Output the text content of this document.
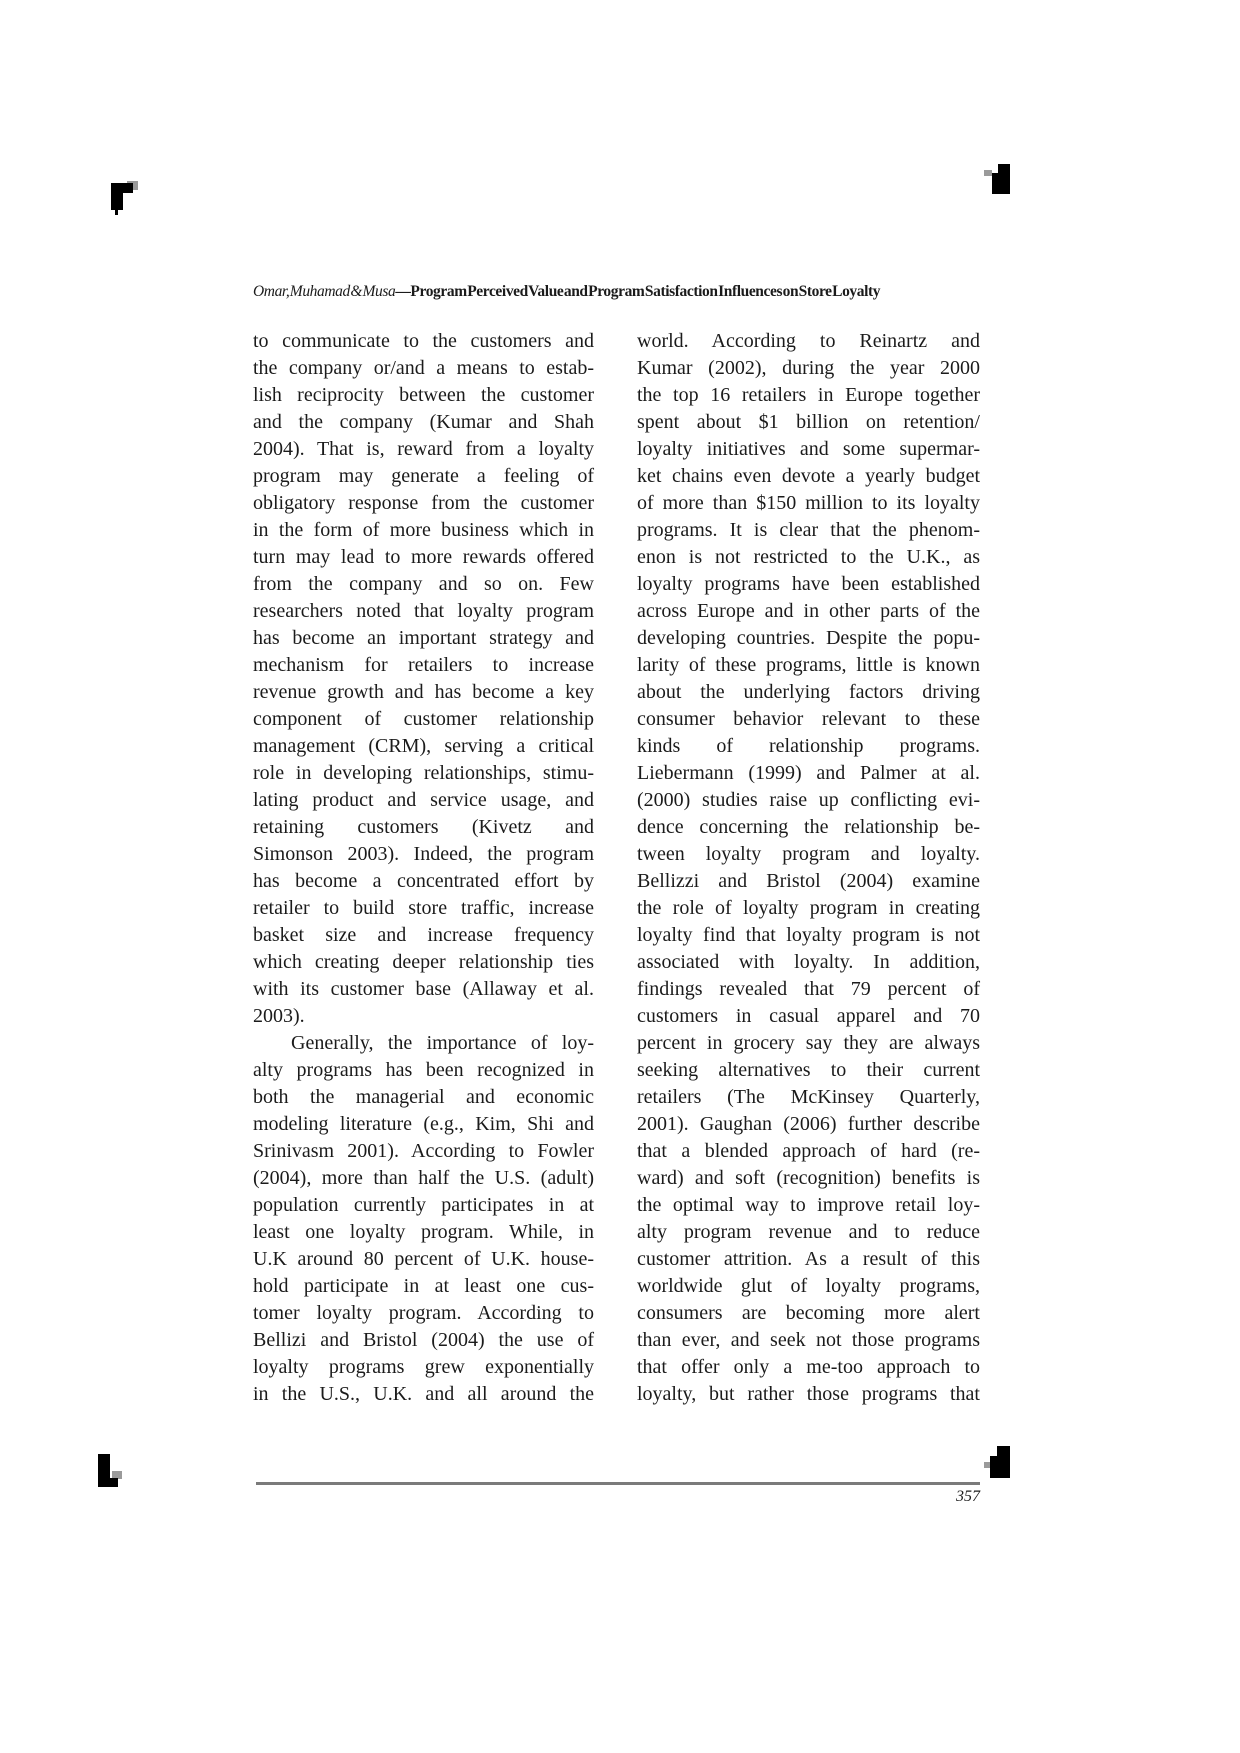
Omar, Muhamad & Musa—Program Perceived Value and Program Satisfaction Influences on Store Loyalty
to communicate to the customers and
the company or/and a means to estab-
lish reciprocity between the customer
and the company (Kumar and Shah
2004). That is, reward from a loyalty
program may generate a feeling of
obligatory response from the customer
in the form of more business which in
turn may lead to more rewards offered
from the company and so on. Few
researchers noted that loyalty program
has become an important strategy and
mechanism for retailers to increase
revenue growth and has become a key
component of customer relationship
management (CRM), serving a critical
role in developing relationships, stimu-
lating product and service usage, and
retaining customers (Kivetz and
Simonson 2003). Indeed, the program
has become a concentrated effort by
retailer to build store traffic, increase
basket size and increase frequency
which creating deeper relationship ties
with its customer base (Allaway et al.
2003).
Generally, the importance of loy-
alty programs has been recognized in
both the managerial and economic
modeling literature (e.g., Kim, Shi and
Srinivasm 2001). According to Fowler
(2004), more than half the U.S. (adult)
population currently participates in at
least one loyalty program. While, in
U.K around 80 percent of U.K. house-
hold participate in at least one cus-
tomer loyalty program. According to
Bellizi and Bristol (2004) the use of
loyalty programs grew exponentially
in the U.S., U.K. and all around the
world. According to Reinartz and
Kumar (2002), during the year 2000
the top 16 retailers in Europe together
spent about $1 billion on retention/
loyalty initiatives and some supermar-
ket chains even devote a yearly budget
of more than $150 million to its loyalty
programs. It is clear that the phenom-
enon is not restricted to the U.K., as
loyalty programs have been established
across Europe and in other parts of the
developing countries. Despite the popu-
larity of these programs, little is known
about the underlying factors driving
consumer behavior relevant to these
kinds of relationship programs.
Liebermann (1999) and Palmer at al.
(2000) studies raise up conflicting evi-
dence concerning the relationship be-
tween loyalty program and loyalty.
Bellizzi and Bristol (2004) examine
the role of loyalty program in creating
loyalty find that loyalty program is not
associated with loyalty. In addition,
findings revealed that 79 percent of
customers in casual apparel and 70
percent in grocery say they are always
seeking alternatives to their current
retailers (The McKinsey Quarterly,
2001). Gaughan (2006) further describe
that a blended approach of hard (re-
ward) and soft (recognition) benefits is
the optimal way to improve retail loy-
alty program revenue and to reduce
customer attrition. As a result of this
worldwide glut of loyalty programs,
consumers are becoming more alert
than ever, and seek not those programs
that offer only a me-too approach to
loyalty, but rather those programs that
357
